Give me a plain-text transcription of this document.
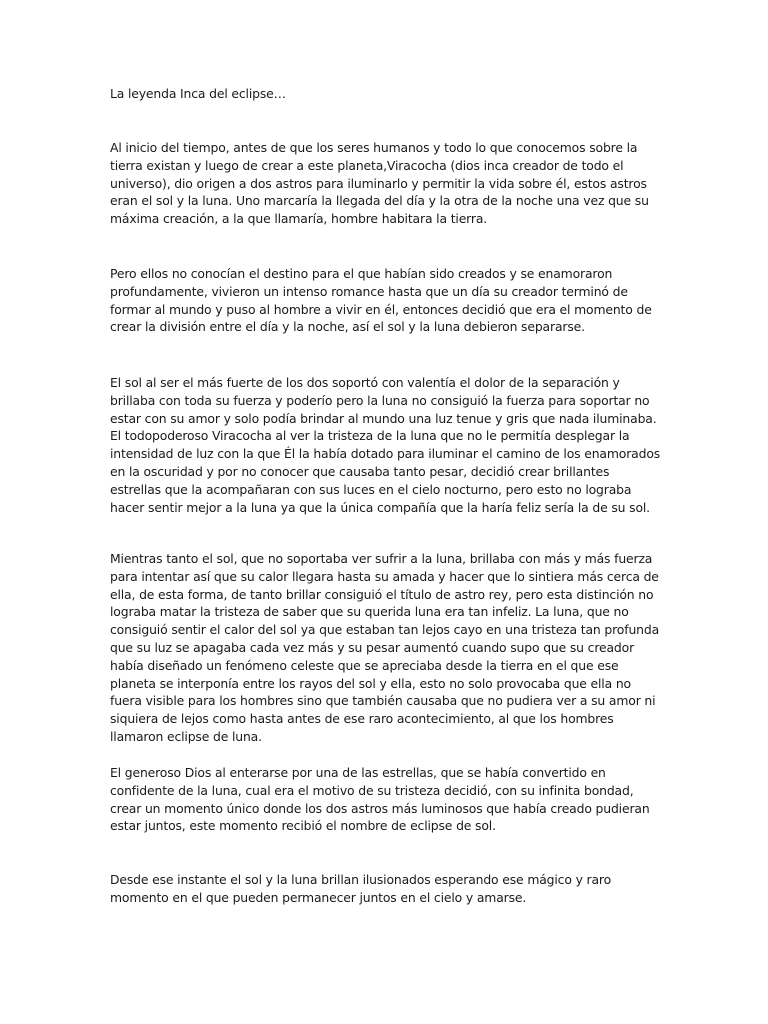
La leyenda Inca del eclipse…

Al inicio del tiempo, antes de que los seres humanos y todo lo que conocemos sobre la tierra existan y luego de crear a este planeta,Viracocha (dios inca creador de todo el universo), dio origen a dos astros para iluminarlo y permitir la vida sobre él, estos astros eran el sol y la luna. Uno marcaría la llegada del día y la otra de la noche una vez que su máxima creación, a la que llamaría, hombre habitara la tierra.

Pero ellos no conocían el destino para el que habían sido creados y se enamoraron profundamente, vivieron un intenso romance hasta que un día su creador terminó de formar al mundo y puso al hombre a vivir en él, entonces decidió que era el momento de crear la división entre el día y la noche, así el sol y la luna debieron separarse.

El sol al ser el más fuerte de los dos soportó con valentía el dolor de la separación y brillaba con toda su fuerza y poderío pero la luna no consiguió la fuerza para soportar no estar con su amor y solo podía brindar al mundo una luz tenue y gris que nada iluminaba. El todopoderoso Viracocha al ver la tristeza de la luna que no le permitía desplegar la intensidad de luz con la que Él la había dotado para iluminar el camino de los enamorados en la oscuridad y por no conocer que causaba tanto pesar, decidió crear brillantes estrellas que la acompañaran con sus luces en el cielo nocturno, pero esto no lograba hacer sentir mejor a la luna ya que la única compañía que la haría feliz sería la de su sol.

Mientras tanto el sol, que no soportaba ver sufrir a la luna, brillaba con más y más fuerza para intentar así que su calor llegara hasta su amada y hacer que lo sintiera más cerca de ella, de esta forma, de tanto brillar consiguió el título de astro rey, pero esta distinción no lograba matar la tristeza de saber que su querida luna era tan infeliz. La luna, que no consiguió sentir el calor del sol ya que estaban tan lejos cayo en una tristeza tan profunda que su luz se apagaba cada vez más y su pesar aumentó cuando supo que su creador había diseñado un fenómeno celeste que se apreciaba desde la tierra en el que ese planeta se interponía entre los rayos del sol y ella, esto no solo provocaba que ella no fuera visible para los hombres sino que también causaba que no pudiera ver a su amor ni siquiera de lejos como hasta antes de ese raro acontecimiento, al que los hombres llamaron eclipse de luna.

El generoso Dios al enterarse por una de las estrellas, que se había convertido en confidente de la luna, cual era el motivo de su tristeza decidió, con su infinita bondad, crear un momento único donde los dos astros más luminosos que había creado pudieran estar juntos, este momento recibió el nombre de eclipse de sol.

Desde ese instante el sol y la luna brillan ilusionados esperando ese mágico y raro momento en el que pueden permanecer juntos en el cielo y amarse.
